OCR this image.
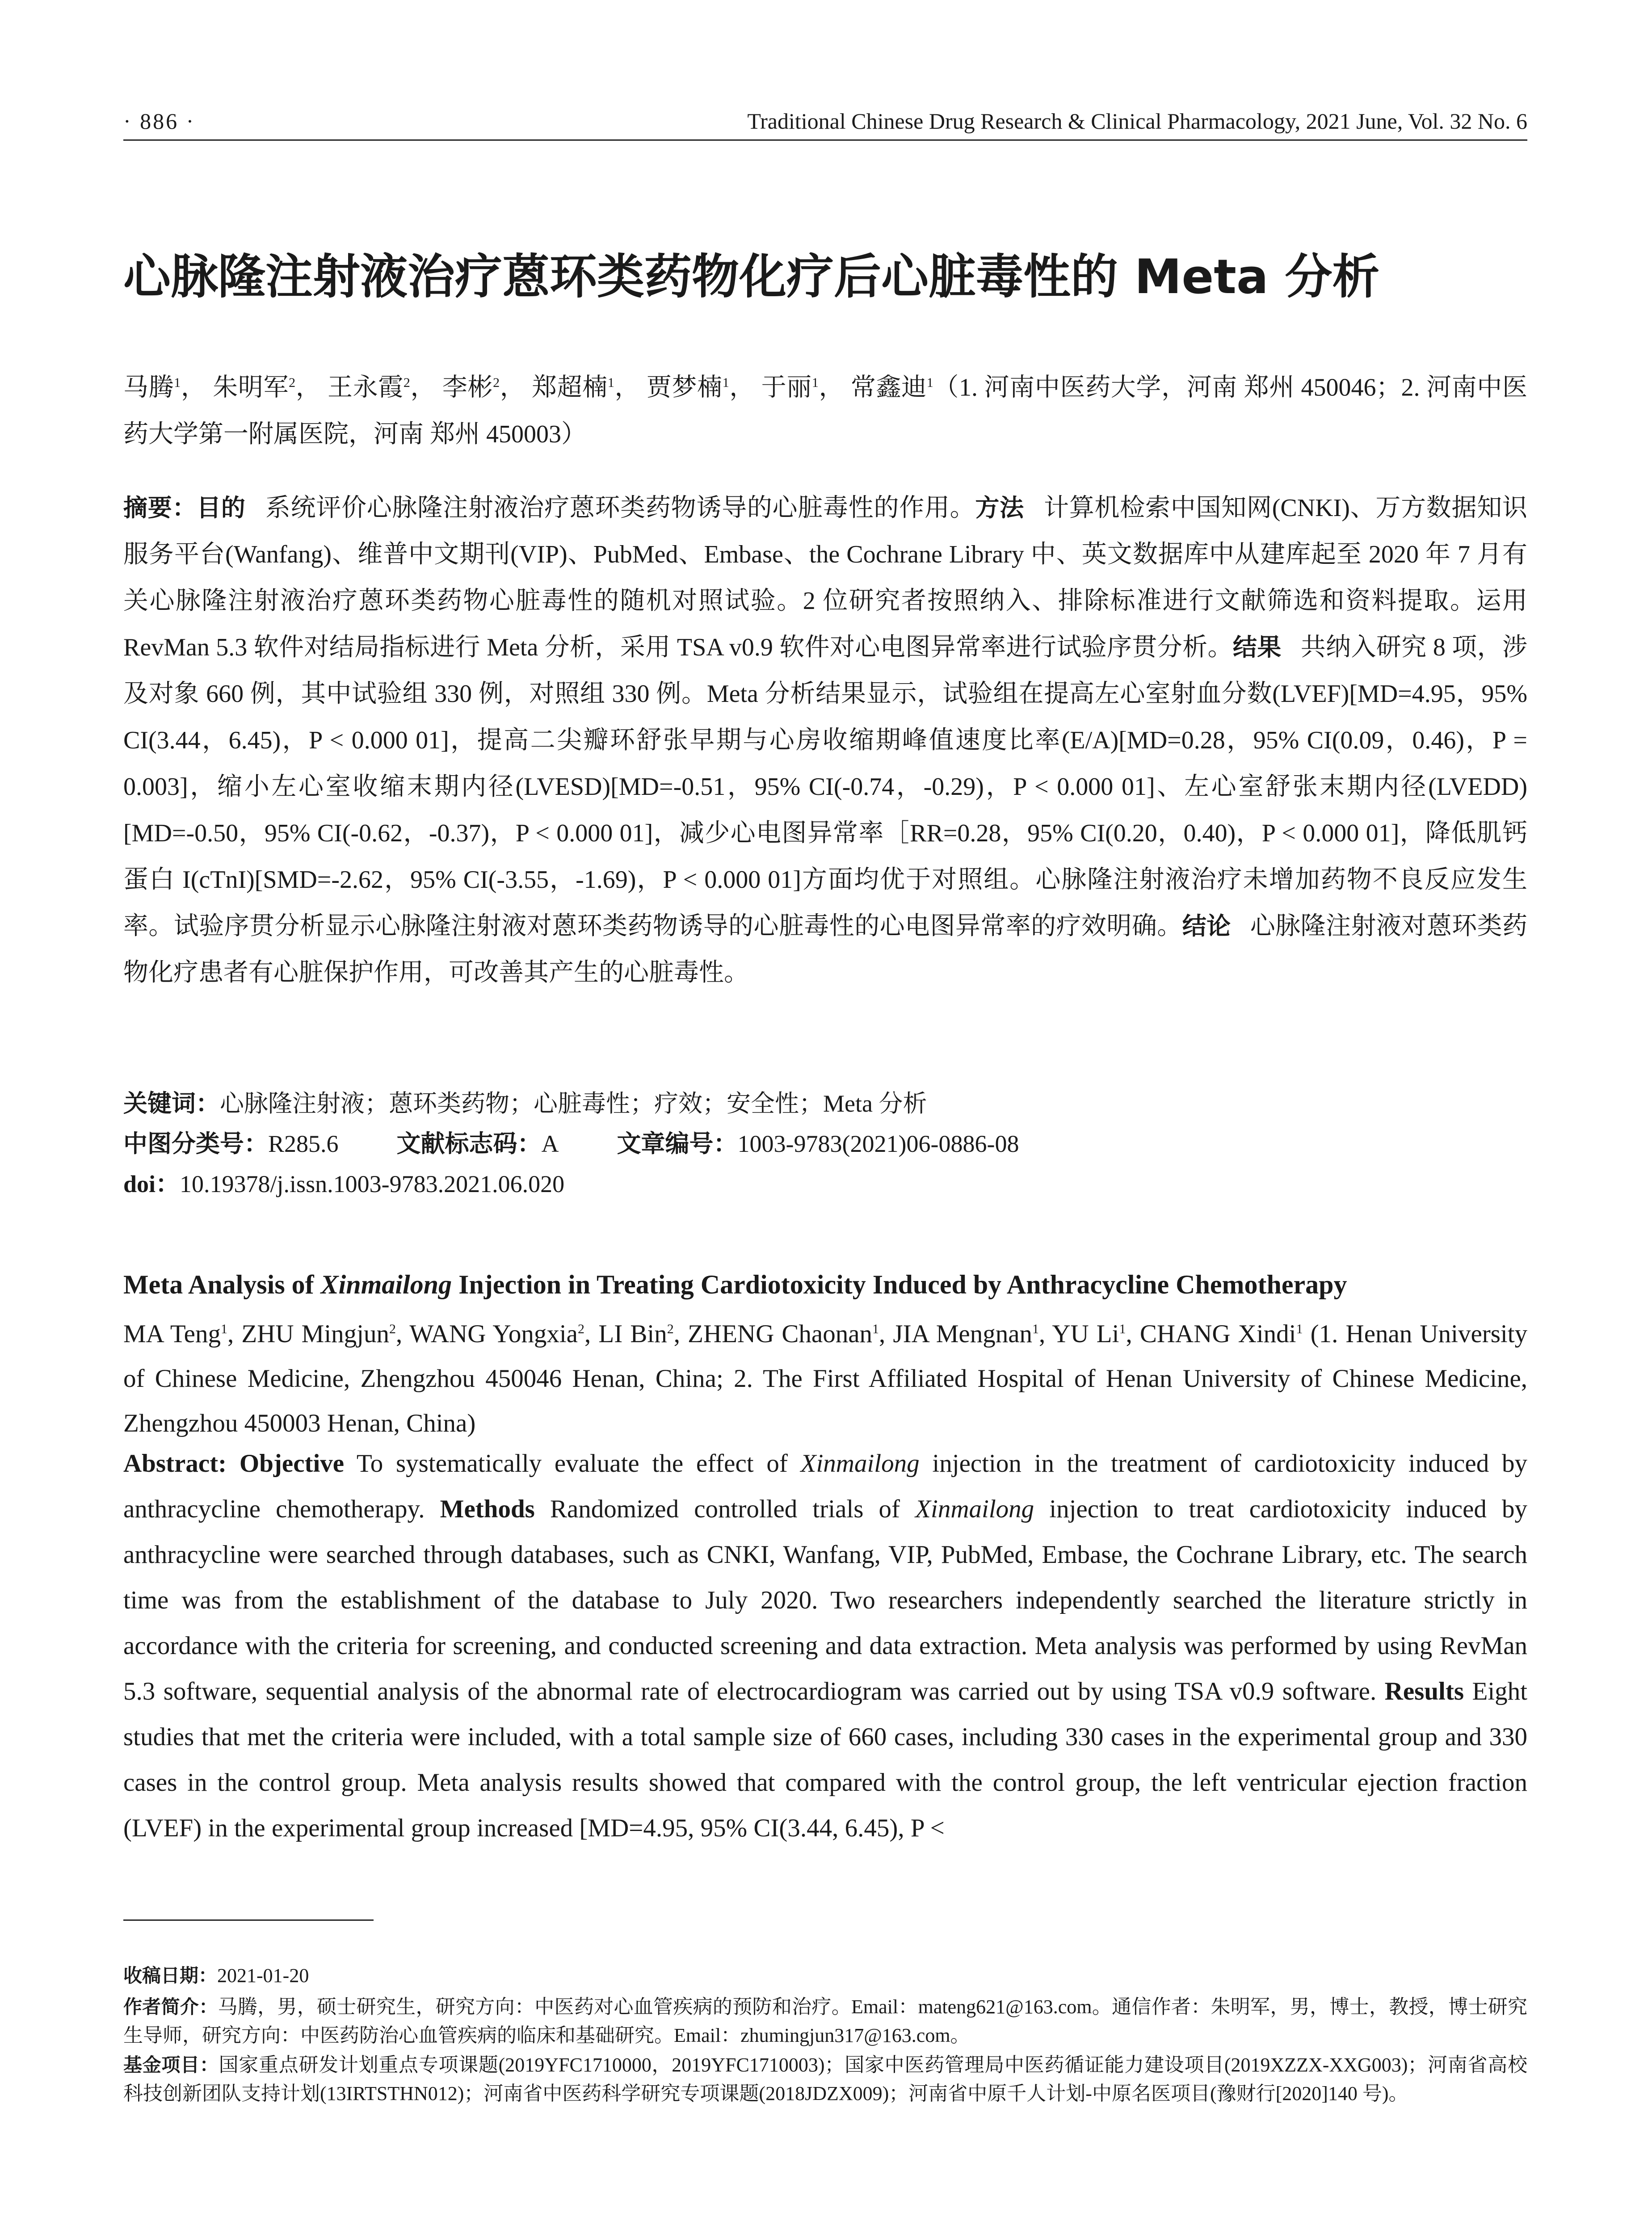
· 886 ·	Traditional Chinese Drug Research & Clinical Pharmacology, 2021 June, Vol. 32 No. 6
心脉隆注射液治疗蒽环类药物化疗后心脏毒性的 Meta 分析
马腾$^1$， 朱明军$^2$， 王永霞$^2$， 李彬$^2$， 郑超楠$^1$， 贾梦楠$^1$， 于丽$^1$， 常鑫迪$^1$（1. 河南中医药大学，河南 郑州 450046；2. 河南中医药大学第一附属医院，河南 郑州 450003）
摘要：目的 系统评价心脉隆注射液治疗蒽环类药物诱导的心脏毒性的作用。方法 计算机检索中国知网(CNKI)、万方数据知识服务平台(Wanfang)、维普中文期刊(VIP)、PubMed、Embase、the Cochrane Library 中、英文数据库中从建库起至 2020 年 7 月有关心脉隆注射液治疗蒽环类药物心脏毒性的随机对照试验。2 位研究者按照纳入、排除标准进行文献筛选和资料提取。运用 RevMan 5.3 软件对结局指标进行 Meta 分析，采用 TSA v0.9 软件对心电图异常率进行试验序贯分析。结果 共纳入研究 8 项，涉及对象 660 例，其中试验组 330 例，对照组 330 例。Meta 分析结果显示，试验组在提高左心室射血分数(LVEF)[MD=4.95，95% CI(3.44，6.45)，P < 0.000 01]，提高二尖瓣环舒张早期与心房收缩期峰值速度比率(E/A)[MD=0.28，95% CI(0.09，0.46)，P = 0.003]，缩小左心室收缩末期内径(LVESD)[MD=-0.51，95% CI(-0.74，-0.29)，P < 0.000 01]、左心室舒张末期内径(LVEDD)[MD=-0.50，95% CI(-0.62，-0.37)，P < 0.000 01]，减少心电图异常率［RR=0.28，95% CI(0.20，0.40)，P < 0.000 01]，降低肌钙蛋白 I(cTnI)[SMD=-2.62，95% CI(-3.55，-1.69)，P < 0.000 01]方面均优于对照组。心脉隆注射液治疗未增加药物不良反应发生率。试验序贯分析显示心脉隆注射液对蒽环类药物诱导的心脏毒性的心电图异常率的疗效明确。结论 心脉隆注射液对蒽环类药物化疗患者有心脏保护作用，可改善其产生的心脏毒性。
关键词：心脉隆注射液；蒽环类药物；心脏毒性；疗效；安全性；Meta 分析
中图分类号：R285.6 文献标志码：A 文章编号：1003-9783(2021)06-0886-08
doi：10.19378/j.issn.1003-9783.2021.06.020
Meta Analysis of Xinmailong Injection in Treating Cardiotoxicity Induced by Anthracycline Chemotherapy
MA Teng$^1$, ZHU Mingjun$^2$, WANG Yongxia$^2$, LI Bin$^2$, ZHENG Chaonan$^1$, JIA Mengnan$^1$, YU Li$^1$, CHANG Xindi$^1$ (1. Henan University of Chinese Medicine, Zhengzhou 450046 Henan, China; 2. The First Affiliated Hospital of Henan University of Chinese Medicine, Zhengzhou 450003 Henan, China)
Abstract: Objective To systematically evaluate the effect of Xinmailong injection in the treatment of cardiotoxicity induced by anthracycline chemotherapy. Methods Randomized controlled trials of Xinmailong injection to treat cardiotoxicity induced by anthracycline were searched through databases, such as CNKI, Wanfang, VIP, PubMed, Embase, the Cochrane Library, etc. The search time was from the establishment of the database to July 2020. Two researchers independently searched the literature strictly in accordance with the criteria for screening, and conducted screening and data extraction. Meta analysis was performed by using RevMan 5.3 software, sequential analysis of the abnormal rate of electrocardiogram was carried out by using TSA v0.9 software. Results Eight studies that met the criteria were included, with a total sample size of 660 cases, including 330 cases in the experimental group and 330 cases in the control group. Meta analysis results showed that compared with the control group, the left ventricular ejection fraction (LVEF) in the experimental group increased [MD=4.95, 95% CI(3.44, 6.45), P <
收稿日期：2021-01-20
作者简介：马腾，男，硕士研究生，研究方向：中医药对心血管疾病的预防和治疗。Email：mateng621@163.com。通信作者：朱明军，男，博士，教授，博士研究生导师，研究方向：中医药防治心血管疾病的临床和基础研究。Email：zhumingjun317@163.com。
基金项目：国家重点研发计划重点专项课题(2019YFC1710000，2019YFC1710003)；国家中医药管理局中医药循证能力建设项目(2019XZZX-XXG003)；河南省高校科技创新团队支持计划(13IRTSTHN012)；河南省中医药科学研究专项课题(2018JDZX009)；河南省中原千人计划-中原名医项目(豫财行[2020]140 号)。
